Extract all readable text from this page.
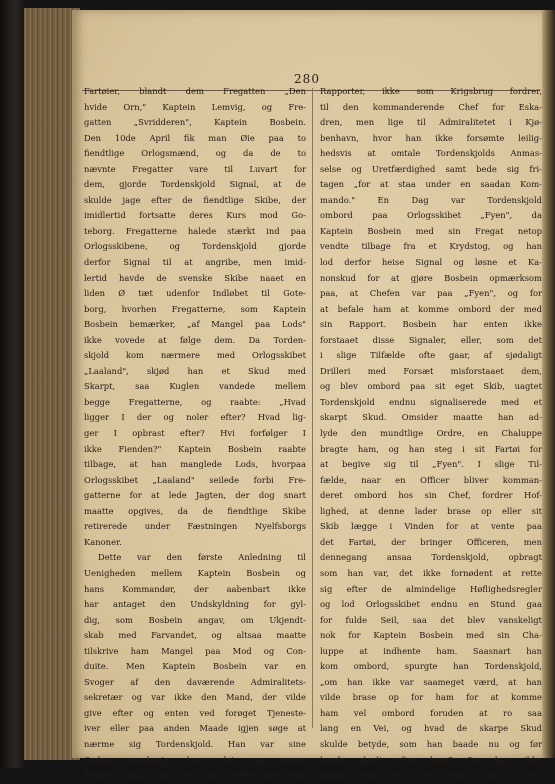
280
Fartøier, blandt dem Fregatten „Den
hvide Orn," Kaptein Lemvig, og Fre-
gatten „Svridderen", Kaptein Bosbein.
Den 10de April fik man Øie paa to
fiendtlige Orlogsmænd, og da de to
nævnte Fregatter vare til Luvart for
dem, gjorde Tordenskjold Signal, at de
skulde jage efter de fiendtlige Skibe, der
imidlertid fortsatte deres Kurs mod Go-
teborg. Fregatterne halede stærkt ind paa
Orlogsskibene, og Tordenskjold gjorde
derfor Signal til at angribe, men imid-
lertid havde de svenske Skibe naaet en
liden Ø tæt udenfor Indløbet til Gote-
borg, hvorhen Fregatterne, som Kaptein
Bosbein bemærker, „af Mangel paa Lods"
ikke vovede at følge dem. Da Torden-
skjold kom nærmere med Orlogsskibet
„Laaland", skjød han et Skud med
Skarpt, saa Kuglen vandede mellem
begge Fregatterne, og raabte: „Hvad
ligger I der og noler efter? Hvad lig-
ger I opbrast efter? Hvi forfølger I
ikke Fienden?" Kaptein Bosbein raabte
tilbage, at han manglede Lods, hvorpaa
Orlogsskibet „Laaland" seilede forbi Fre-
gatterne for at lede Jagten, der dog snart
maatte opgives, da de fiendtlige Skibe
retirerede under Fæstningen Nyelfsborgs
Kanoner.
Dette var den første Anledning til
Uenigheden mellem Kaptein Bosbein og
hans Kommandør, der aabenbart ikke
har antaget den Undskyldning for gyl-
dig, som Bosbein angav, om Ukjendt-
skab med Farvandet, og altsaa maatte
tilskrive ham Mangel paa Mod og Con-
duite. Men Kaptein Bosbein var en
Svoger af den daværende Admiralitets-
sekretær og var ikke den Mand, der vilde
give efter og enten ved forøget Tjeneste-
iver eller paa anden Maade igjen søge at
nærme sig Tordenskjold. Han var sine
Ordrer overhørig, hvor det paa nogen
Maade kunde gaa an, og sendte alle sine
Rapporter, ikke som Krigsbrug fordrer,
til den kommanderende Chef for Eska-
dren, men lige til Admiralitetet i Kjø-
benhavn, hvor han ikke forsømte leilig-
hedsvis at omtale Tordenskjolds Anmas-
selse og Uretfærdighed samt bede sig fri-
tagen „for at staa under en saadan Kom-
mando." En Dag var Tordenskjold
ombord paa Orlogsskibet „Fyen", da
Kaptein Bosbein med sin Fregat netop
vendte tilbage fra et Krydstog, og han
lod derfor heise Signal og løsne et Ka-
nonskud for at gjøre Bosbein opmærksom
paa, at Chefen var paa „Fyen", og for
at befale ham at komme ombord der med
sin Rapport. Bosbein har enten ikke
forstaaet disse Signaler, eller, som det
i slige Tilfælde ofte gaar, af sjødaligt
Drilleri med Forsæt misforstaaet dem,
og blev ombord paa sit eget Skib, uagtet
Tordenskjold endnu signaliserede med et
skarpt Skud. Omsider maatte han ad-
lyde den mundtlige Ordre, en Chaluppe
bragte ham, og han steg i sit Fartøi for
at begive sig til „Fyen". I slige Til-
fælde, naar en Officer bliver komman-
deret ombord hos sin Chef, fordrer Hof-
lighed, at denne lader brase op eller sit
Skib lægge i Vinden for at vente paa
det Fartøi, der bringer Officeren, men
dennegang ansaa Tordenskjold, opbragt
som han var, det ikke fornødent at rette
sig efter de almindelige Høflighedsregler
og lod Orlogsskibet endnu en Stund gaa
for fulde Seil, saa det blev vanskeligt
nok for Kaptein Bosbein med sin Cha-
luppe at indhente ham. Saasnart han
kom ombord, spurgte han Tordenskjold,
„om han ikke var saameget værd, at han
vilde brase op for ham for at komme
ham vel ombord foruden at ro saa
lang en Vei, og hvad de skarpe Skud
skulde betyde, som han baade nu og før
havde skudt efter ham? Om han ikke
ansaa ham for en ærlig Karl? Men
